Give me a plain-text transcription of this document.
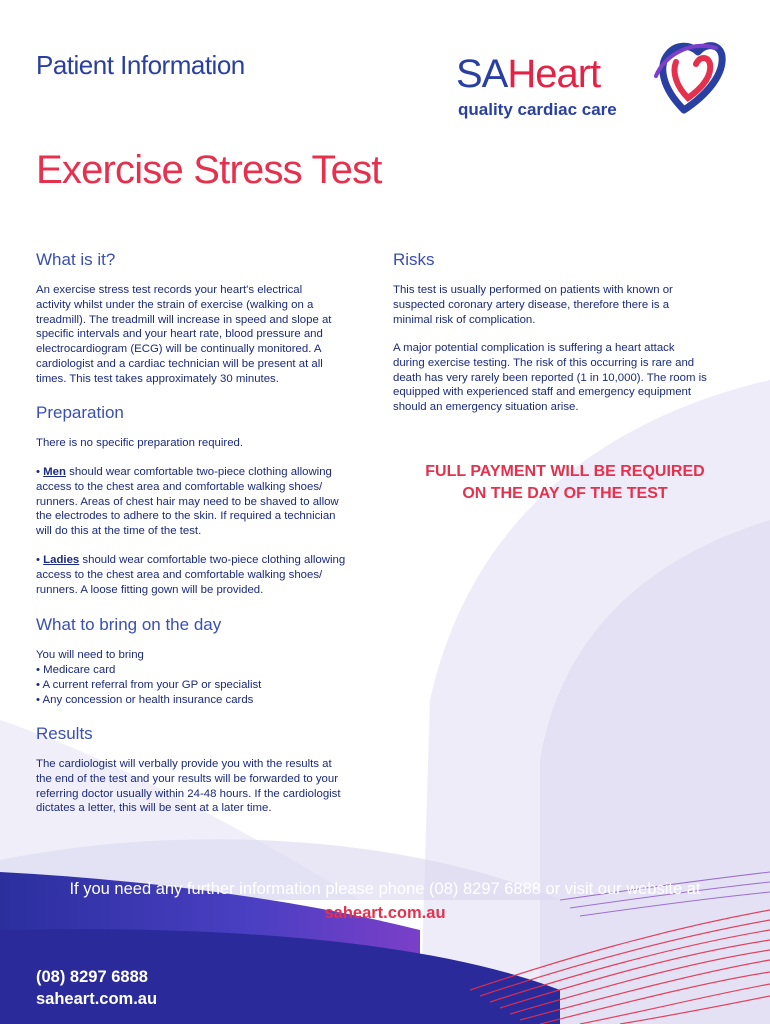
Patient Information	SAHeart
quality cardiac care
Exercise Stress Test
What is it?
An exercise stress test records your heart's electrical
activity whilst under the strain of exercise (walking on a
treadmill). The treadmill will increase in speed and slope at
specific intervals and your heart rate, blood pressure and
electrocardiogram (ECG) will be continually monitored. A
cardiologist and a cardiac technician will be present at all
times. This test takes approximately 30 minutes.
Preparation
There is no specific preparation required.
• Men should wear comfortable two-piece clothing allowing
access to the chest area and comfortable walking shoes/
runners. Areas of chest hair may need to be shaved to allow
the electrodes to adhere to the skin. If required a technician
will do this at the time of the test.
• Ladies should wear comfortable two-piece clothing allowing
access to the chest area and comfortable walking shoes/
runners. A loose fitting gown will be provided.
What to bring on the day
You will need to bring
• Medicare card
• A current referral from your GP or specialist
• Any concession or health insurance cards
Results
The cardiologist will verbally provide you with the results at
the end of the test and your results will be forwarded to your
referring doctor usually within 24-48 hours. If the cardiologist
dictates a letter, this will be sent at a later time.
Risks
This test is usually performed on patients with known or
suspected coronary artery disease, therefore there is a
minimal risk of complication.
A major potential complication is suffering a heart attack
during exercise testing. The risk of this occurring is rare and
death has very rarely been reported (1 in 10,000). The room is
equipped with experienced staff and emergency equipment
should an emergency situation arise.
FULL PAYMENT WILL BE REQUIRED
ON THE DAY OF THE TEST
If you need any further information please phone (08) 8297 6888 or visit our website at
saheart.com.au
(08) 8297 6888
saheart.com.au
